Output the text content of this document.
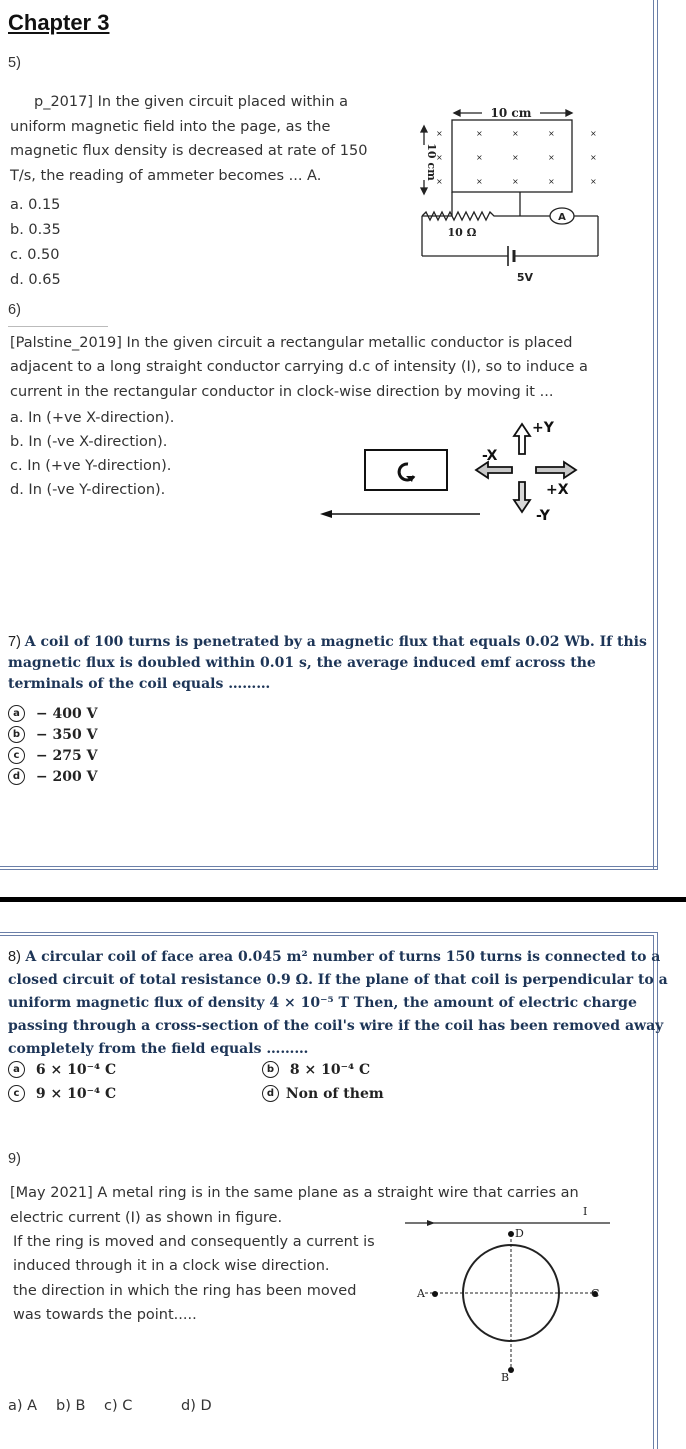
Chapter 3
5)
p_2017] In the given circuit placed within a
uniform magnetic field into the page, as the
magnetic flux density is decreased at rate of 150
T/s, the reading of ammeter becomes ... A.
a. 0.15
b. 0.35
c. 0.50
d. 0.65
10 cm
10 cm
10 Ω
A
5V
×
×
×
×	×	×	×
×	×	×	×
×	×	×	×
6)
[Palstine_2019] In the given circuit a rectangular metallic conductor is placed
adjacent to a long straight conductor carrying d.c of intensity (I), so to induce a
current in the rectangular conductor in clock-wise direction by moving it ...
a. In (+ve X-direction).
b. In (-ve X-direction).
c. In (+ve Y-direction).
d. In (-ve Y-direction).
+Y
-Y
+X
-X
7) A coil of 100 turns is penetrated by a magnetic flux that equals 0.02 Wb. If this
magnetic flux is doubled within 0.01 s, the average induced emf across the
terminals of the coil equals ………
a − 400 V
b − 350 V
c − 275 V
d − 200 V
8) A circular coil of face area 0.045 m² number of turns 150 turns is connected to a
closed circuit of total resistance 0.9 Ω. If the plane of that coil is perpendicular to a
uniform magnetic flux of density 4 × 10⁻⁵ T Then, the amount of electric charge
passing through a cross-section of the coil's wire if the coil has been removed away
completely from the field equals ………
a 6 × 10⁻⁴ C	b 8 × 10⁻⁴ C
c 9 × 10⁻⁴ C	d Non of them
9)
[May 2021] A metal ring is in the same plane as a straight wire that carries an
electric current (I) as shown in figure.
If the ring is moved and consequently a current is
induced through it in a clock wise direction.
the direction in which the ring has been moved
was towards the point.....
I
A	C
D
B
a) A b) B c) C	d) D
